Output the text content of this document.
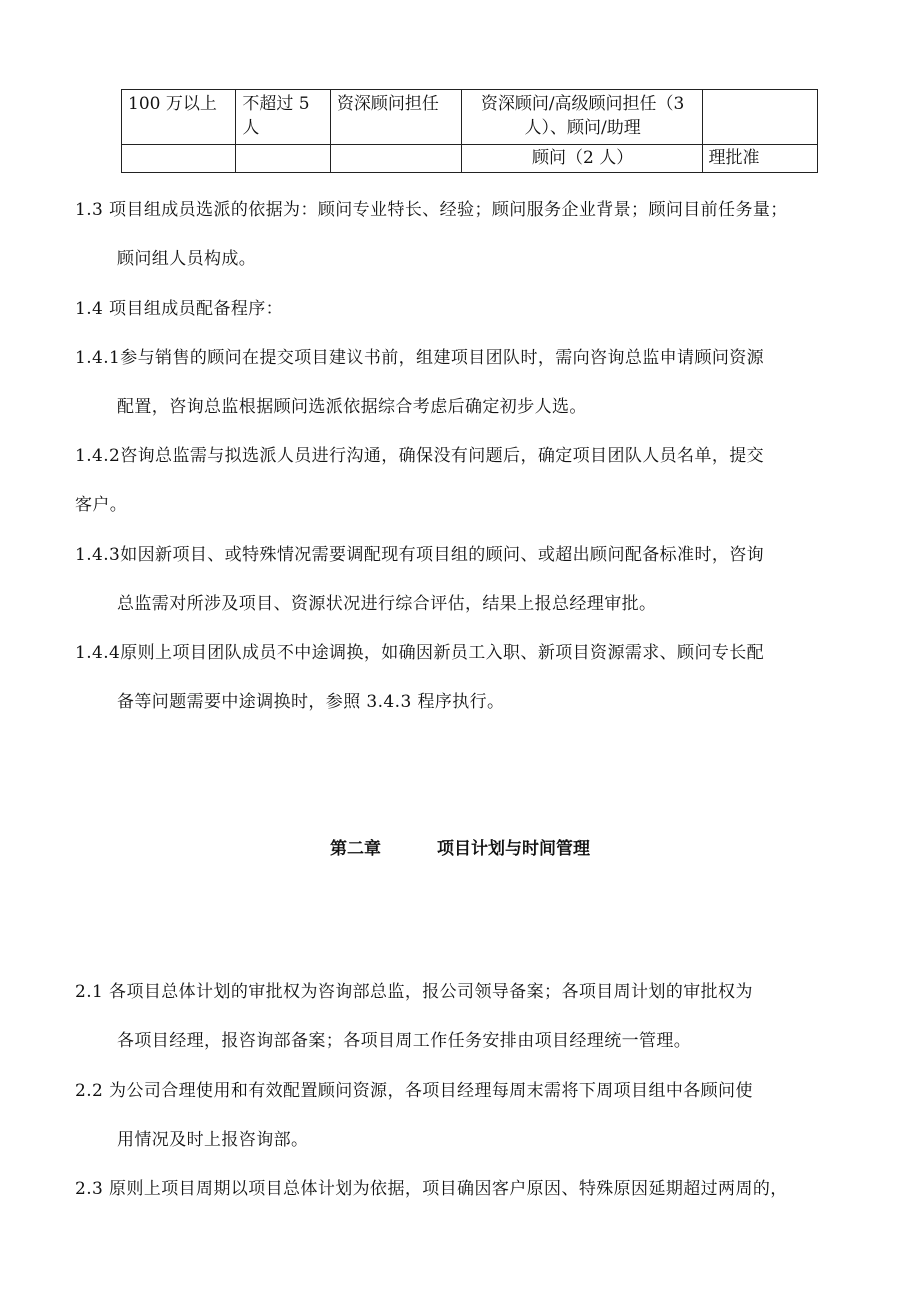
100 万以上	不超过 5 人	资深顾问担任	资深顾问/高级顾问担任（3 人）、顾问/助理	
			顾问（2 人）	理批准
1.3 项目组成员选派的依据为：顾问专业特长、经验；顾问服务企业背景；顾问目前任务量；
顾问组人员构成。
1.4 项目组成员配备程序：
1.4.1参与销售的顾问在提交项目建议书前，组建项目团队时，需向咨询总监申请顾问资源
配置，咨询总监根据顾问选派依据综合考虑后确定初步人选。
1.4.2咨询总监需与拟选派人员进行沟通，确保没有问题后，确定项目团队人员名单，提交
客户。
1.4.3如因新项目、或特殊情况需要调配现有项目组的顾问、或超出顾问配备标准时，咨询
总监需对所涉及项目、资源状况进行综合评估，结果上报总经理审批。
1.4.4原则上项目团队成员不中途调换，如确因新员工入职、新项目资源需求、顾问专长配
备等问题需要中途调换时，参照 3.4.3 程序执行。
第二章	项目计划与时间管理
2.1 各项目总体计划的审批权为咨询部总监，报公司领导备案；各项目周计划的审批权为
各项目经理，报咨询部备案；各项目周工作任务安排由项目经理统一管理。
2.2 为公司合理使用和有效配置顾问资源，各项目经理每周末需将下周项目组中各顾问使
用情况及时上报咨询部。
2.3 原则上项目周期以项目总体计划为依据，项目确因客户原因、特殊原因延期超过两周的，
